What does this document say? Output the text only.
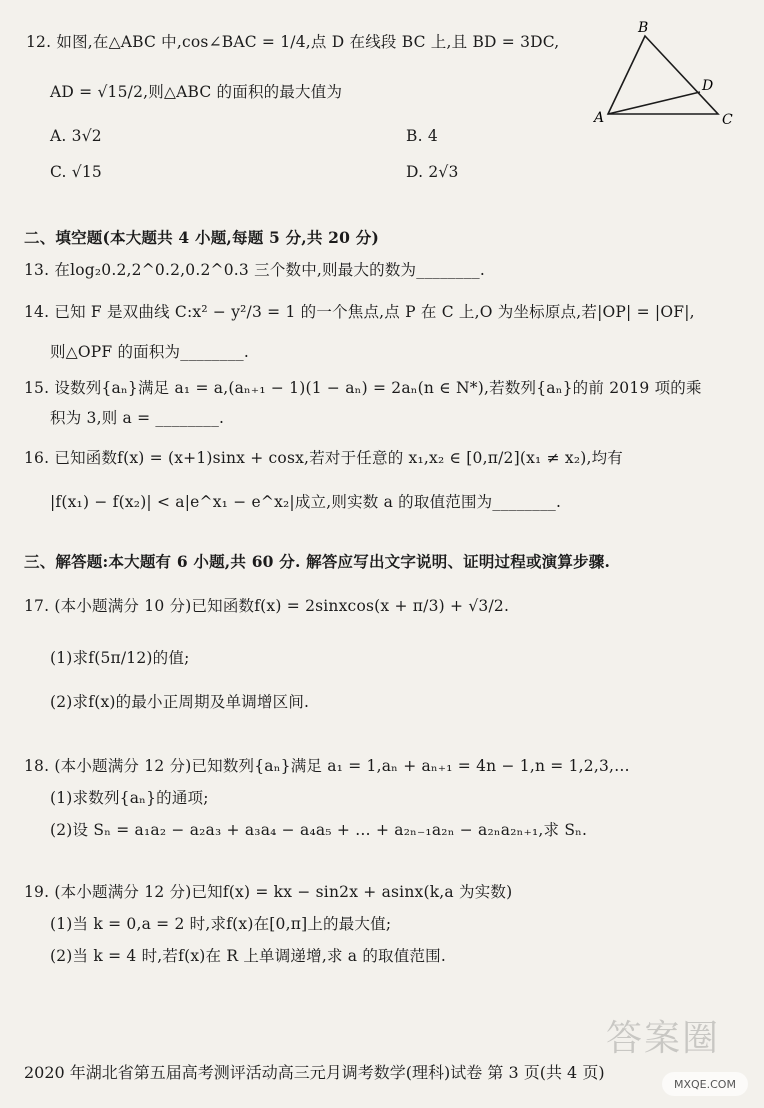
12. 如图,在△ABC 中,cos∠BAC = 1/4,点 D 在线段 BC 上,且 BD = 3DC,
AD = √15/2,则△ABC 的面积的最大值为
A. 3√2	B. 4
C. √15	D. 2√3
B
D
A	C
二、填空题(本大题共 4 小题,每题 5 分,共 20 分)
13. 在log₂0.2,2^0.2,0.2^0.3 三个数中,则最大的数为________.
14. 已知 F 是双曲线 C:x² − y²/3 = 1 的一个焦点,点 P 在 C 上,O 为坐标原点,若|OP| = |OF|,
则△OPF 的面积为________.
15. 设数列{aₙ}满足 a₁ = a,(aₙ₊₁ − 1)(1 − aₙ) = 2aₙ(n ∈ N*),若数列{aₙ}的前 2019 项的乘
积为 3,则 a = ________.
16. 已知函数f(x) = (x+1)sinx + cosx,若对于任意的 x₁,x₂ ∈ [0,π/2](x₁ ≠ x₂),均有
|f(x₁) − f(x₂)| < a|e^x₁ − e^x₂|成立,则实数 a 的取值范围为________.
三、解答题:本大题有 6 小题,共 60 分. 解答应写出文字说明、证明过程或演算步骤.
17. (本小题满分 10 分)已知函数f(x) = 2sinxcos(x + π/3) + √3/2.
(1)求f(5π/12)的值;
(2)求f(x)的最小正周期及单调增区间.
18. (本小题满分 12 分)已知数列{aₙ}满足 a₁ = 1,aₙ + aₙ₊₁ = 4n − 1,n = 1,2,3,…
(1)求数列{aₙ}的通项;
(2)设 Sₙ = a₁a₂ − a₂a₃ + a₃a₄ − a₄a₅ + … + a₂ₙ₋₁a₂ₙ − a₂ₙa₂ₙ₊₁,求 Sₙ.
19. (本小题满分 12 分)已知f(x) = kx − sin2x + asinx(k,a 为实数)
(1)当 k = 0,a = 2 时,求f(x)在[0,π]上的最大值;
(2)当 k = 4 时,若f(x)在 R 上单调递增,求 a 的取值范围.
2020 年湖北省第五届高考测评活动高三元月调考数学(理科)试卷 第 3 页(共 4 页)
答案圈
MXQE.COM
